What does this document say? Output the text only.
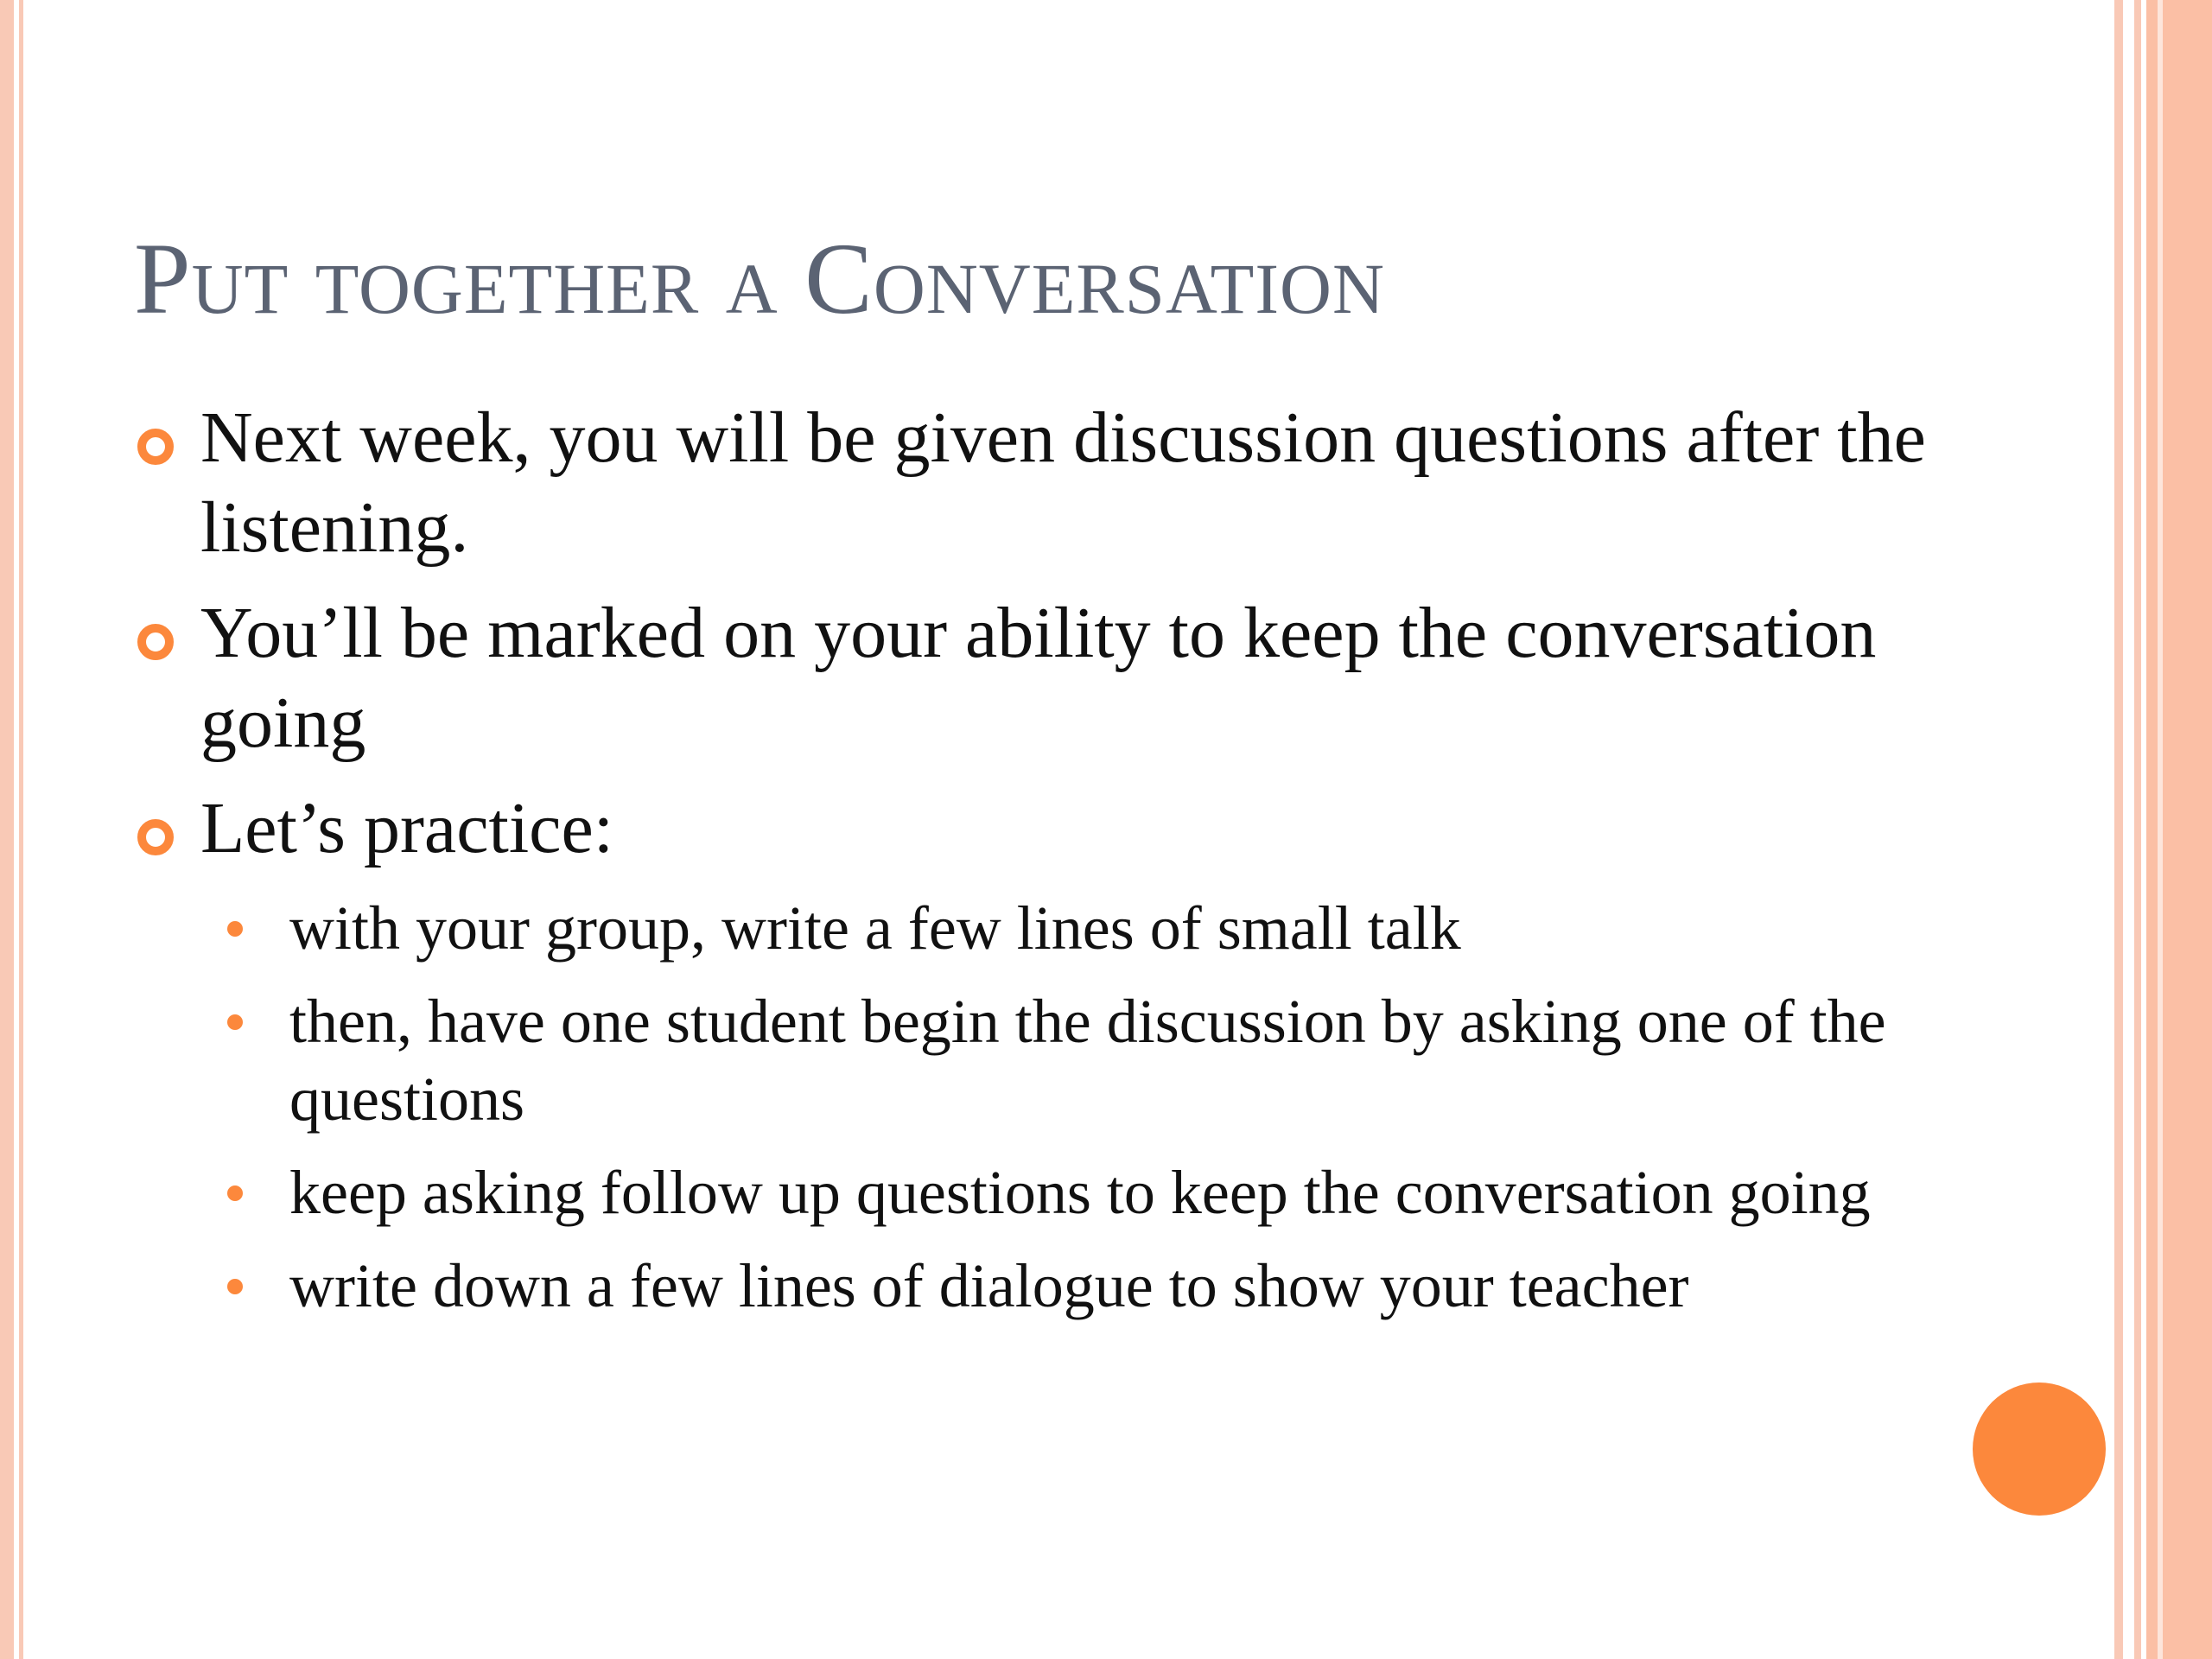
Put together a Conversation
Next week, you will be given discussion questions after the listening.
You’ll be marked on your ability to keep the conversation going
Let’s practice:
with your group, write a few lines of small talk
then, have one student begin the discussion by asking one of the questions
keep asking follow up questions to keep the conversation going
write down a few lines of dialogue to show your teacher
